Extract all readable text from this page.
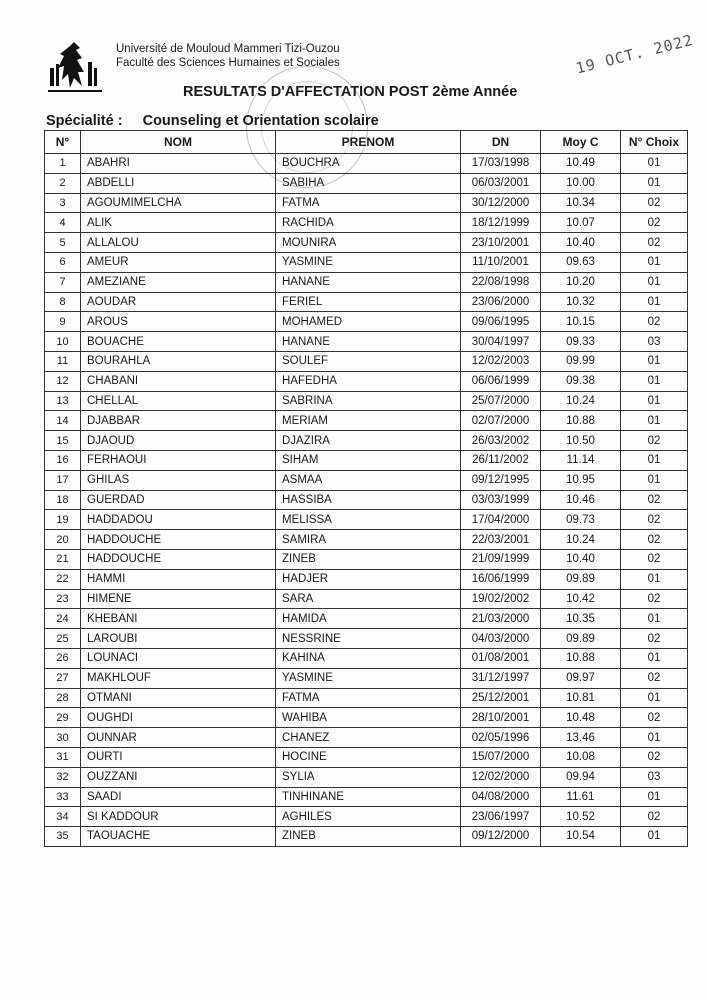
Université de Mouloud Mammeri Tizi-Ouzou
Faculté des Sciences Humaines et Sociales
RESULTATS D'AFFECTATION POST 2ème Année
19 OCT. 2022
Spécialité : Counseling et Orientation scolaire
N°	NOM	PRENOM	DN	Moy C	N° Choix
1	ABAHRI	BOUCHRA	17/03/1998	10.49	01
2	ABDELLI	SABIHA	06/03/2001	10.00	01
3	AGOUMIMELCHA	FATMA	30/12/2000	10.34	02
4	ALIK	RACHIDA	18/12/1999	10.07	02
5	ALLALOU	MOUNIRA	23/10/2001	10.40	02
6	AMEUR	YASMINE	11/10/2001	09.63	01
7	AMEZIANE	HANANE	22/08/1998	10.20	01
8	AOUDAR	FERIEL	23/06/2000	10.32	01
9	AROUS	MOHAMED	09/06/1995	10.15	02
10	BOUACHE	HANANE	30/04/1997	09.33	03
11	BOURAHLA	SOULEF	12/02/2003	09.99	01
12	CHABANI	HAFEDHA	06/06/1999	09.38	01
13	CHELLAL	SABRINA	25/07/2000	10.24	01
14	DJABBAR	MERIAM	02/07/2000	10.88	01
15	DJAOUD	DJAZIRA	26/03/2002	10.50	02
16	FERHAOUI	SIHAM	26/11/2002	11.14	01
17	GHILAS	ASMAA	09/12/1995	10.95	01
18	GUERDAD	HASSIBA	03/03/1999	10.46	02
19	HADDADOU	MELISSA	17/04/2000	09.73	02
20	HADDOUCHE	SAMIRA	22/03/2001	10.24	02
21	HADDOUCHE	ZINEB	21/09/1999	10.40	02
22	HAMMI	HADJER	16/06/1999	09.89	01
23	HIMENE	SARA	19/02/2002	10.42	02
24	KHEBANI	HAMIDA	21/03/2000	10.35	01
25	LAROUBI	NESSRINE	04/03/2000	09.89	02
26	LOUNACI	KAHINA	01/08/2001	10.88	01
27	MAKHLOUF	YASMINE	31/12/1997	09.97	02
28	OTMANI	FATMA	25/12/2001	10.81	01
29	OUGHDI	WAHIBA	28/10/2001	10.48	02
30	OUNNAR	CHANEZ	02/05/1996	13.46	01
31	OURTI	HOCINE	15/07/2000	10.08	02
32	OUZZANI	SYLIA	12/02/2000	09.94	03
33	SAADI	TINHINANE	04/08/2000	11.61	01
34	SI KADDOUR	AGHILES	23/06/1997	10.52	02
35	TAOUACHE	ZINEB	09/12/2000	10.54	01
